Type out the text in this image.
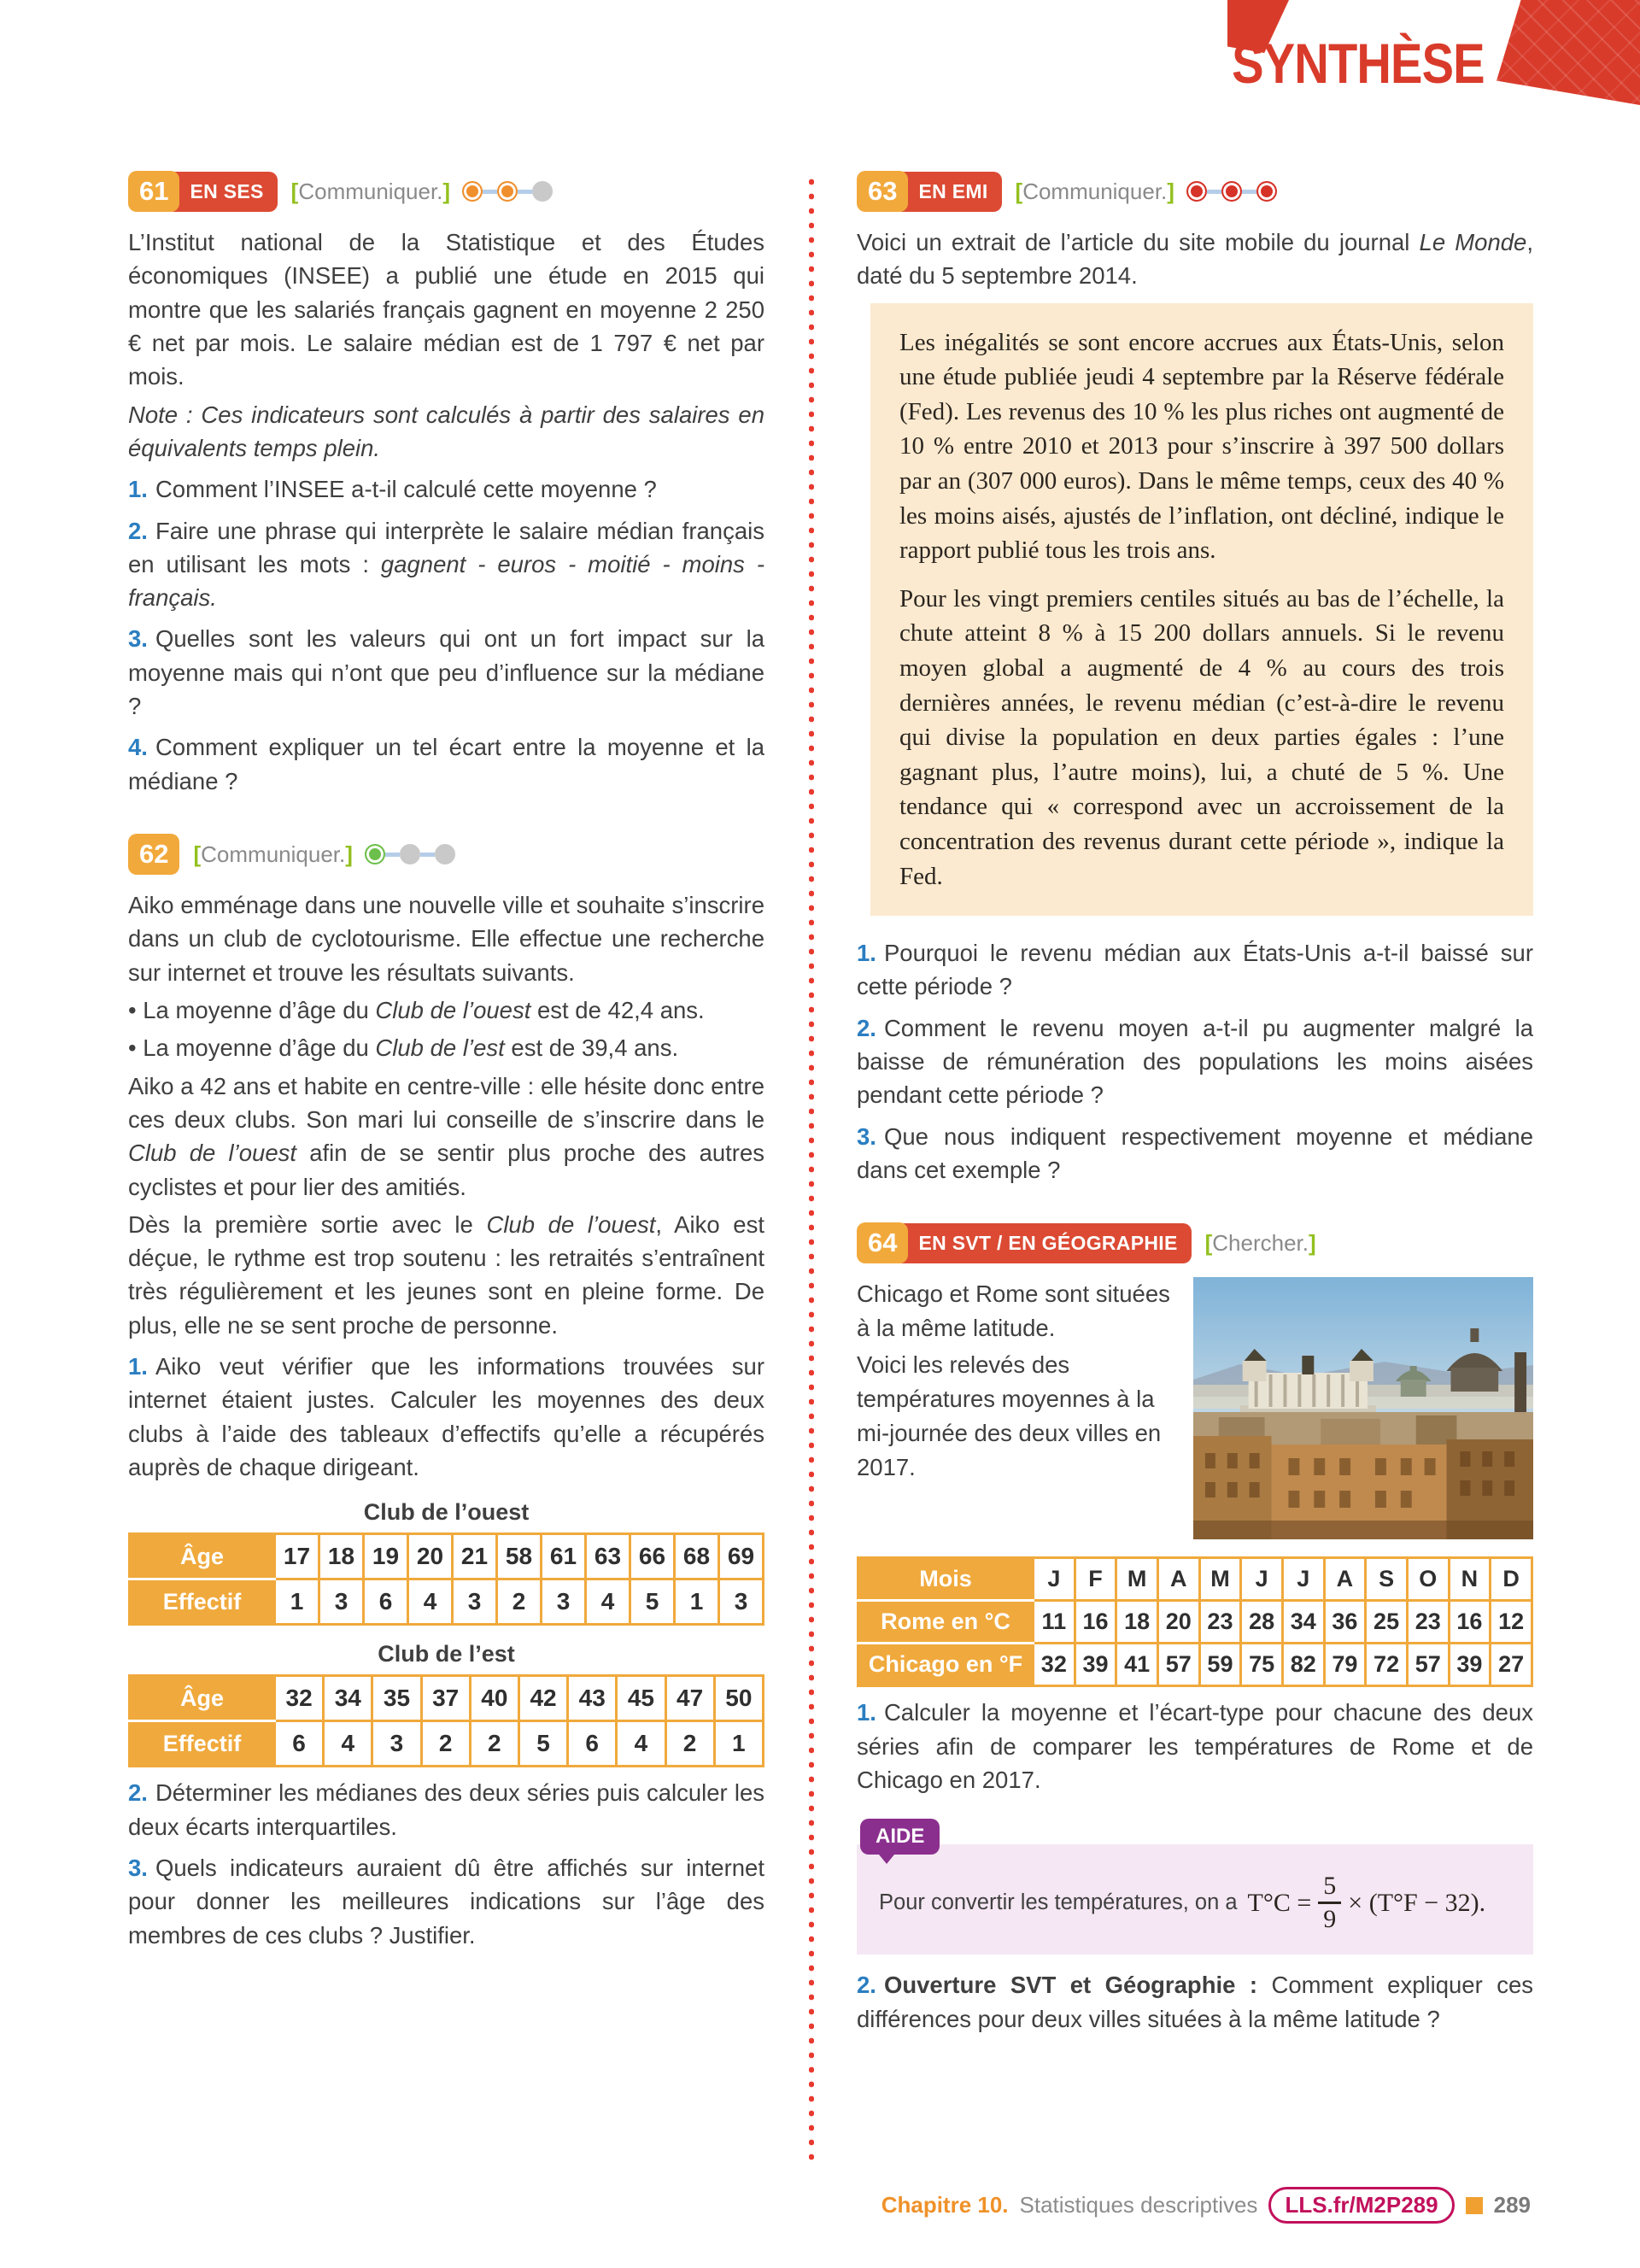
SYNTHÈSE
61	EN SES	[Communiquer.]

L’Institut national de la Statistique et des Études économiques (INSEE) a publié une étude en 2015 qui montre que les salariés français gagnent en moyenne 2 250 € net par mois. Le salaire médian est de 1 797 € net par mois.

Note : Ces indicateurs sont calculés à partir des salaires en équivalents temps plein.

1. Comment l’INSEE a-t-il calculé cette moyenne ?

2. Faire une phrase qui interprète le salaire médian français en utilisant les mots : gagnent - euros - moitié - moins - français.

3. Quelles sont les valeurs qui ont un fort impact sur la moyenne mais qui n’ont que peu d’influence sur la médiane ?

4. Comment expliquer un tel écart entre la moyenne et la médiane ?

62	[Communiquer.]

Aiko emménage dans une nouvelle ville et souhaite s’inscrire dans un club de cyclotourisme. Elle effectue une recherche sur internet et trouve les résultats suivants.

• La moyenne d’âge du Club de l’ouest est de 42,4 ans.

• La moyenne d’âge du Club de l’est est de 39,4 ans.

Aiko a 42 ans et habite en centre-ville : elle hésite donc entre ces deux clubs. Son mari lui conseille de s’inscrire dans le Club de l’ouest afin de se sentir plus proche des autres cyclistes et pour lier des amitiés.

Dès la première sortie avec le Club de l’ouest, Aiko est déçue, le rythme est trop soutenu : les retraités s’entraînent très régulièrement et les jeunes sont en pleine forme. De plus, elle ne se sent proche de personne.

1. Aiko veut vérifier que les informations trouvées sur internet étaient justes. Calculer les moyennes des deux clubs à l’aide des tableaux d’effectifs qu’elle a récupérés auprès de chaque dirigeant.

Club de l’ouest
Âge	17	18	19	20	21	58	61	63	66	68	69
Effectif	1	3	6	4	3	2	3	4	5	1	3
Club de l’est
Âge	32	34	35	37	40	42	43	45	47	50
Effectif	6	4	3	2	2	5	6	4	2	1

2. Déterminer les médianes des deux séries puis calculer les deux écarts interquartiles.

3. Quels indicateurs auraient dû être affichés sur internet pour donner les meilleures indications sur l’âge des membres de ces clubs ? Justifier.

63	EN EMI	[Communiquer.]

Voici un extrait de l’article du site mobile du journal Le Monde, daté du 5 septembre 2014.

Les inégalités se sont encore accrues aux États-Unis, selon une étude publiée jeudi 4 septembre par la Réserve fédérale (Fed). Les revenus des 10 % les plus riches ont augmenté de 10 % entre 2010 et 2013 pour s’inscrire à 397 500 dollars par an (307 000 euros). Dans le même temps, ceux des 40 % les moins aisés, ajustés de l’inflation, ont décliné, indique le rapport publié tous les trois ans.

Pour les vingt premiers centiles situés au bas de l’échelle, la chute atteint 8 % à 15 200 dollars annuels. Si le revenu moyen global a augmenté de 4 % au cours des trois dernières années, le revenu médian (c’est-à-dire le revenu qui divise la population en deux parties égales : l’une gagnant plus, l’autre moins), lui, a chuté de 5 %. Une tendance qui « correspond avec un accroissement de la concentration des revenus durant cette période », indique la Fed.

1. Pourquoi le revenu médian aux États-Unis a-t-il baissé sur cette période ?

2. Comment le revenu moyen a-t-il pu augmenter malgré la baisse de rémunération des populations les moins aisées pendant cette période ?

3. Que nous indiquent respectivement moyenne et médiane dans cet exemple ?

64	EN SVT / EN GÉOGRAPHIE	[Chercher.]

Chicago et Rome sont situées à la même latitude.

Voici les relevés des températures moyennes à la mi-journée des deux villes en 2017.

Mois	J	F	M	A	M	J	J	A	S	O	N	D
Rome en °C	11	16	18	20	23	28	34	36	25	23	16	12
Chicago en °F	32	39	41	57	59	75	82	79	72	57	39	27

1. Calculer la moyenne et l’écart-type pour chacune des deux séries afin de comparer les températures de Rome et de Chicago en 2017.

AIDE
Pour convertir les températures, on a $T^\circ C = \frac{5}{9} \times (T^\circ F - 32)$.

2. Ouverture SVT et Géographie : Comment expliquer ces différences pour deux villes situées à la même latitude ?

Chapitre 10. Statistiques descriptives	LLS.fr/M2P289	289
